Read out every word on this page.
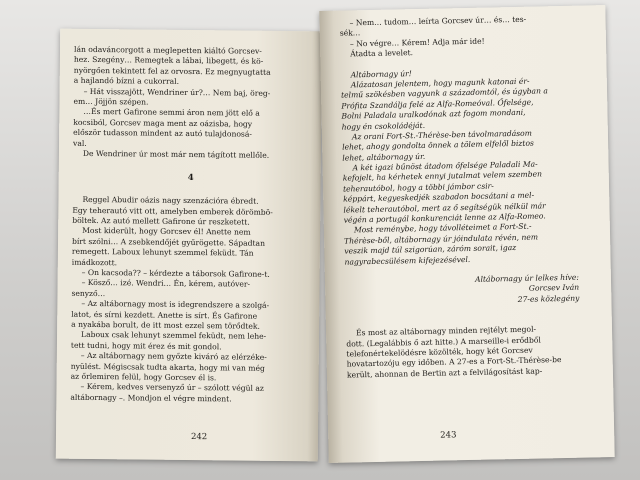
lán odaváncorgott a meglepetten kiáltó Gorcsev-
hez. Szegény… Remegtek a lábai, libegett, és kö-
nyörgően tekintett fel az orvosra. Ez megnyugtatta
a hajlandó bízni a cukorral.
– Hát visszajött, Wendriner úr?… Nem baj, öreg-
em… Jöjjön szépen.
…És mert Gafirone semmi áron nem jött elő a
kocsiból, Gorcsev maga ment az oázisba, hogy
először tudasson mindent az autó tulajdonosá-
val.
De Wendriner úr most már nem tágított mellőle.
4
Reggel Abudir oázis nagy szenzációra ébredt.
Egy teherautó vitt ott, amelyben emberek dörömbö-
böltek. Az autó mellett Gafirone úr reszketett.
Most kiderült, hogy Gorcsev él! Anette nem
bírt szólni… A zsebkendőjét gyűrögette. Sápadtan
remegett. Laboux lehunyt szemmel feküdt. Tán
imádkozott.
– On kacsoda?? – kérdezte a táborsok Gafirone-t.
– Kösző… izé. Wendri… Én, kérem, autóver-
senyző…
– Az altábornagy most is idegrendszere a szolgá-
latot, és sírni kezdett. Anette is sírt. És Gafirone
a nyakába borult, de itt most ezzel sem törődtek.
Laboux csak lehunyt szemmel feküdt, nem lehe-
tett tudni, hogy mit érez és mit gondol.
– Az altábornagy nem győzte kiváró az elérzéke-
nyülést. Mégiscsak tudta akarta, hogy mi van még
az őrlemiren felül, hogy Gorcsev él is.
– Kérem, kedves versenyző úr – szólott végül az
altábornagy –. Mondjon el végre mindent.
242
– Nem… tudom… leírta Gorcsev úr… és… tes-
sék…
– No végre… Kérem! Adja már ide!
Átadta a levelet.
Altábornagy úr!
Alázatosan jelentem, hogy magunk katonai ér-
telmű szökésben vagyunk a századomtól, és úgyban a
Prófita Szandálja felé az Alfa-Romeóval. Őfelsége,
Bolni Paladala uralkodónak azt fogom mondani,
hogy én csokoládéját.
Az orani Fort-St.-Thérèse-ben távolmaradásom
lehet, ahogy gondolta önnek a tölem elfelől biztos
lehet, altábornagy úr.
A két igazi bűnöst átadom őfelsége Paladali Ma-
kefojelt, ha kérhetek ennyi jutalmat velem szemben
teherautóbol, hogy a többi jámbor csir-
képpárt, kegyeskedjék szabadon bocsátani a mel-
lékelt teherautóbol, mert az ő segítségük nélkül már
végén a portugál konkurenciát lenne az Alfa-Romeo.
Most reménybe, hogy távolléteimet a Fort-St.-
Thérèse-ből, altábornagy úr jóindulata révén, nem
veszik majd túl szigorúan, záróm sorait, igaz
nagyrabecsülésem kifejezésével.
Altábornagy úr lelkes híve:
Gorcsev Iván
27-es közlegény
És most az altábornagy minden rejtélyt megol-
dott. (Legalábbis ő azt hitte.) A marseille-i erődből
telefonértekelödésre közölték, hogy két Gorcsev
hovatartozóju egy időben. A 27-es a Fort-St.-Thérèse-be
került, ahonnan de Bertin azt a felvilágosítást kap-
243
